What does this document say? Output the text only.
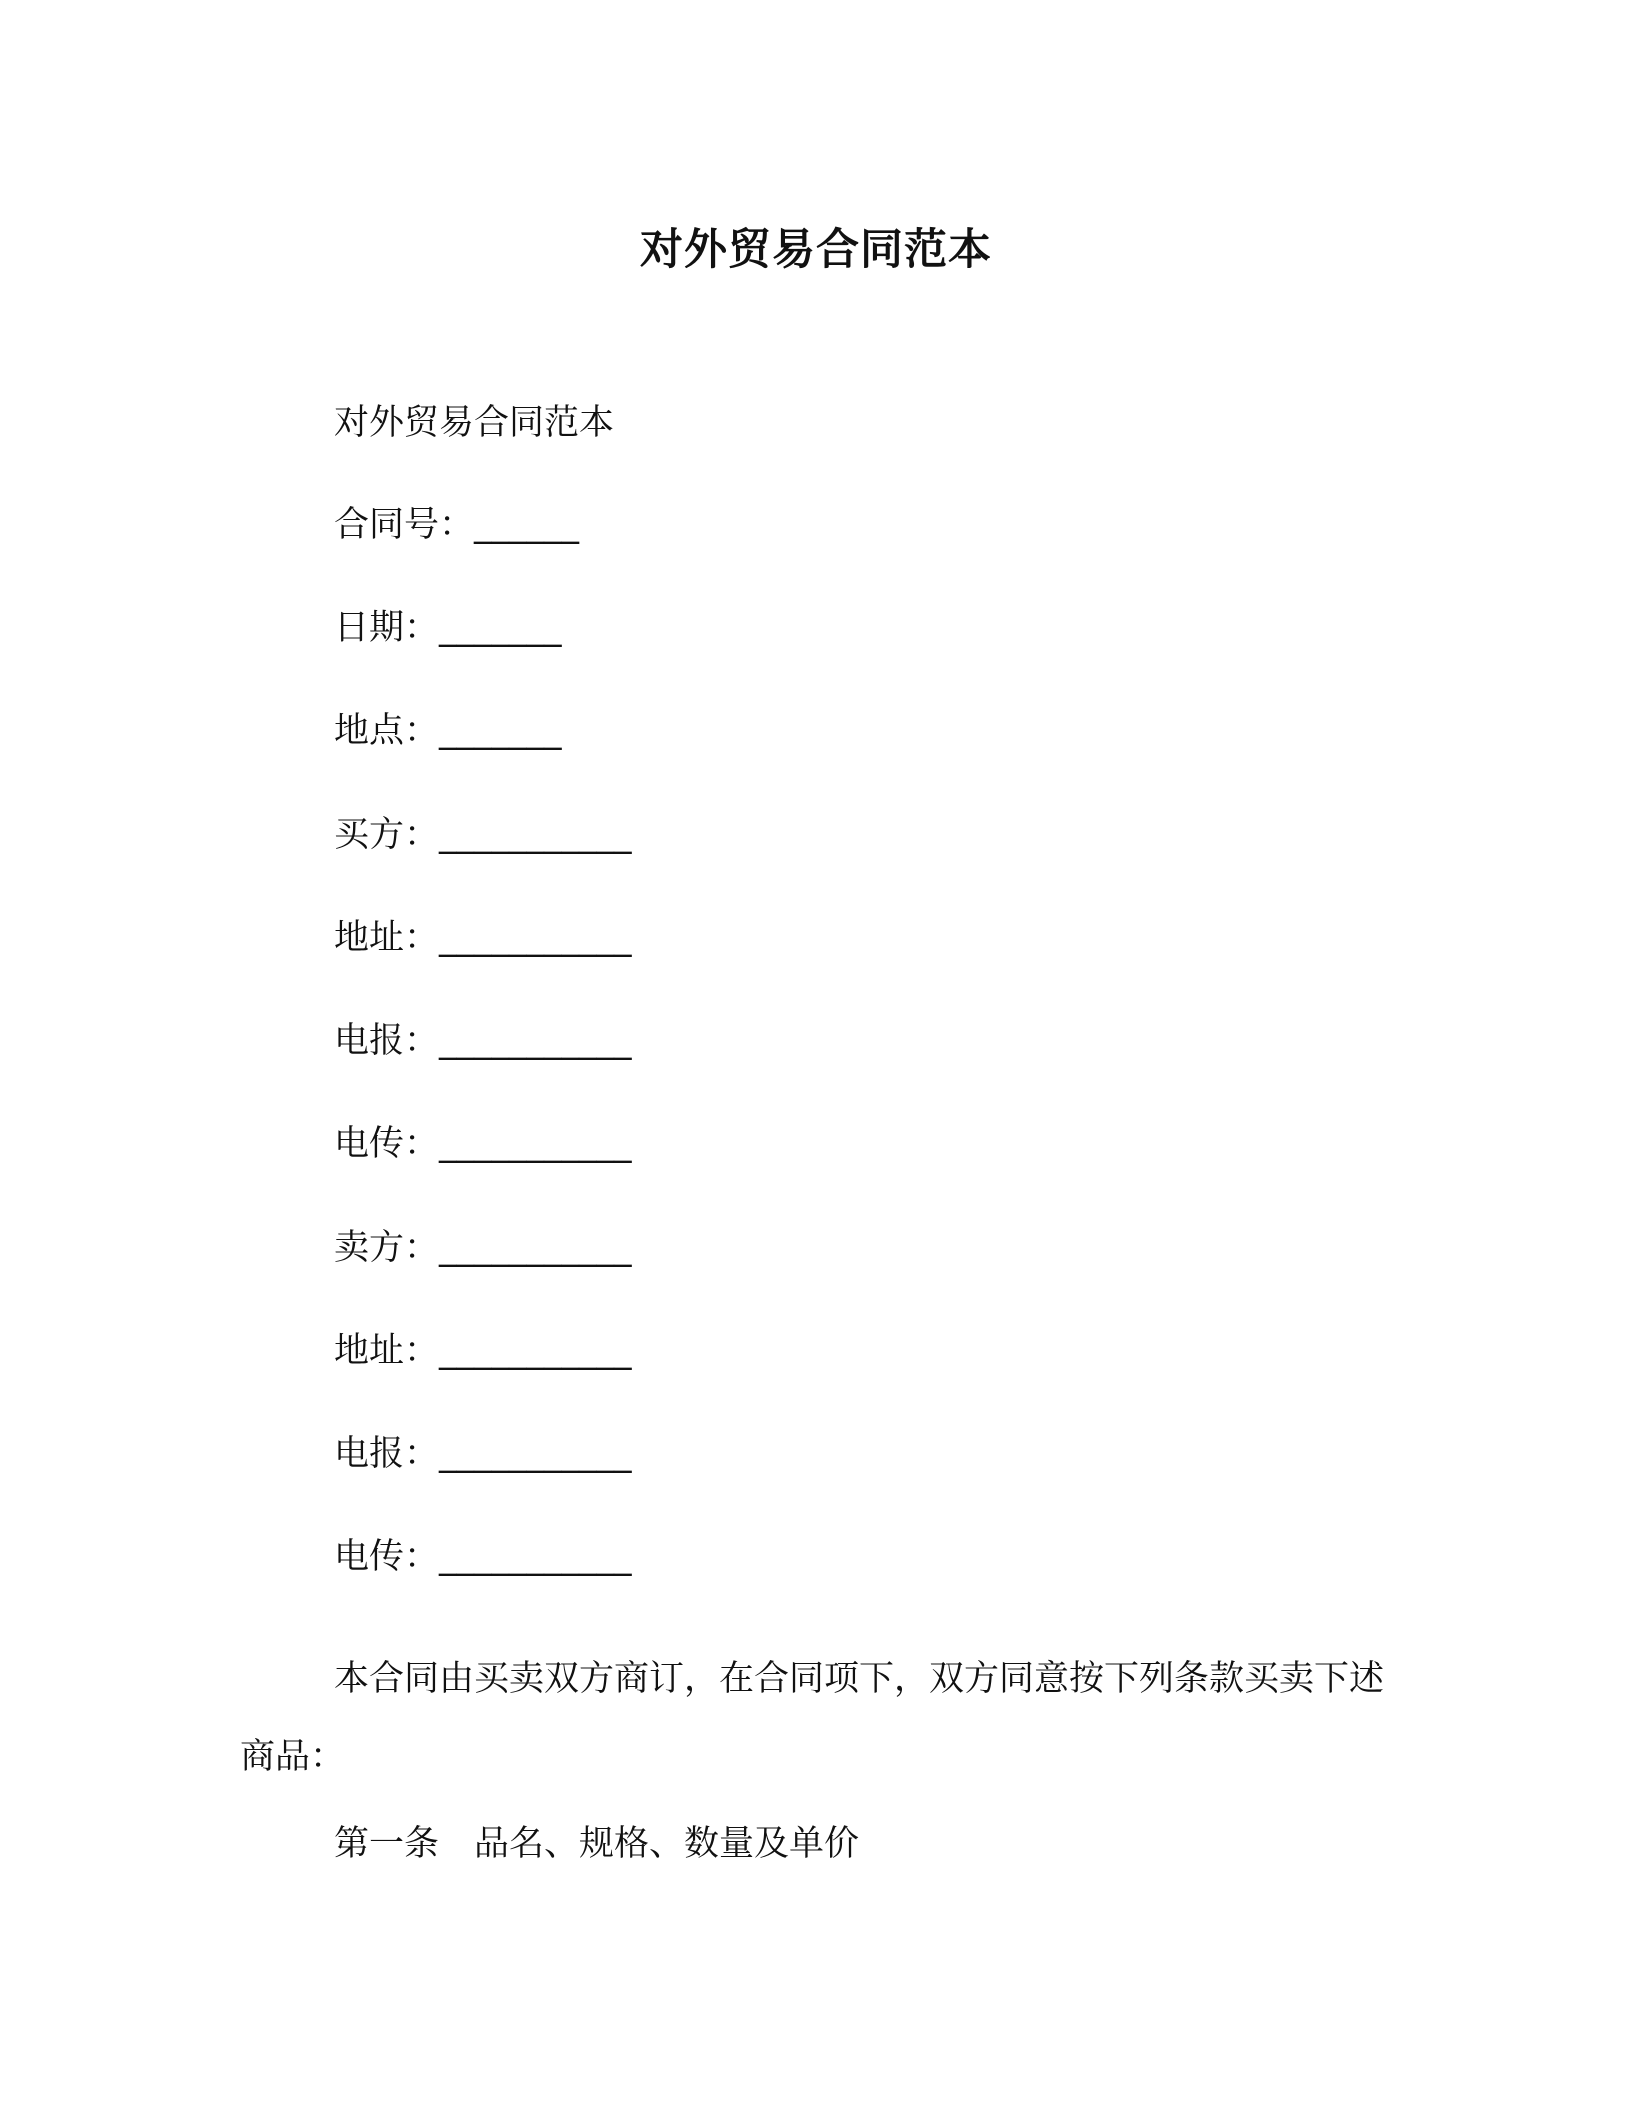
对外贸易合同范本
对外贸易合同范本
合同号：______
日期：_______
地点：_______
买方：___________
地址：___________
电报：___________
电传：___________
卖方：___________
地址：___________
电报：___________
电传：___________
本合同由买卖双方商订，在合同项下，双方同意按下列条款买卖下述商品：
第一条　品名、规格、数量及单价
